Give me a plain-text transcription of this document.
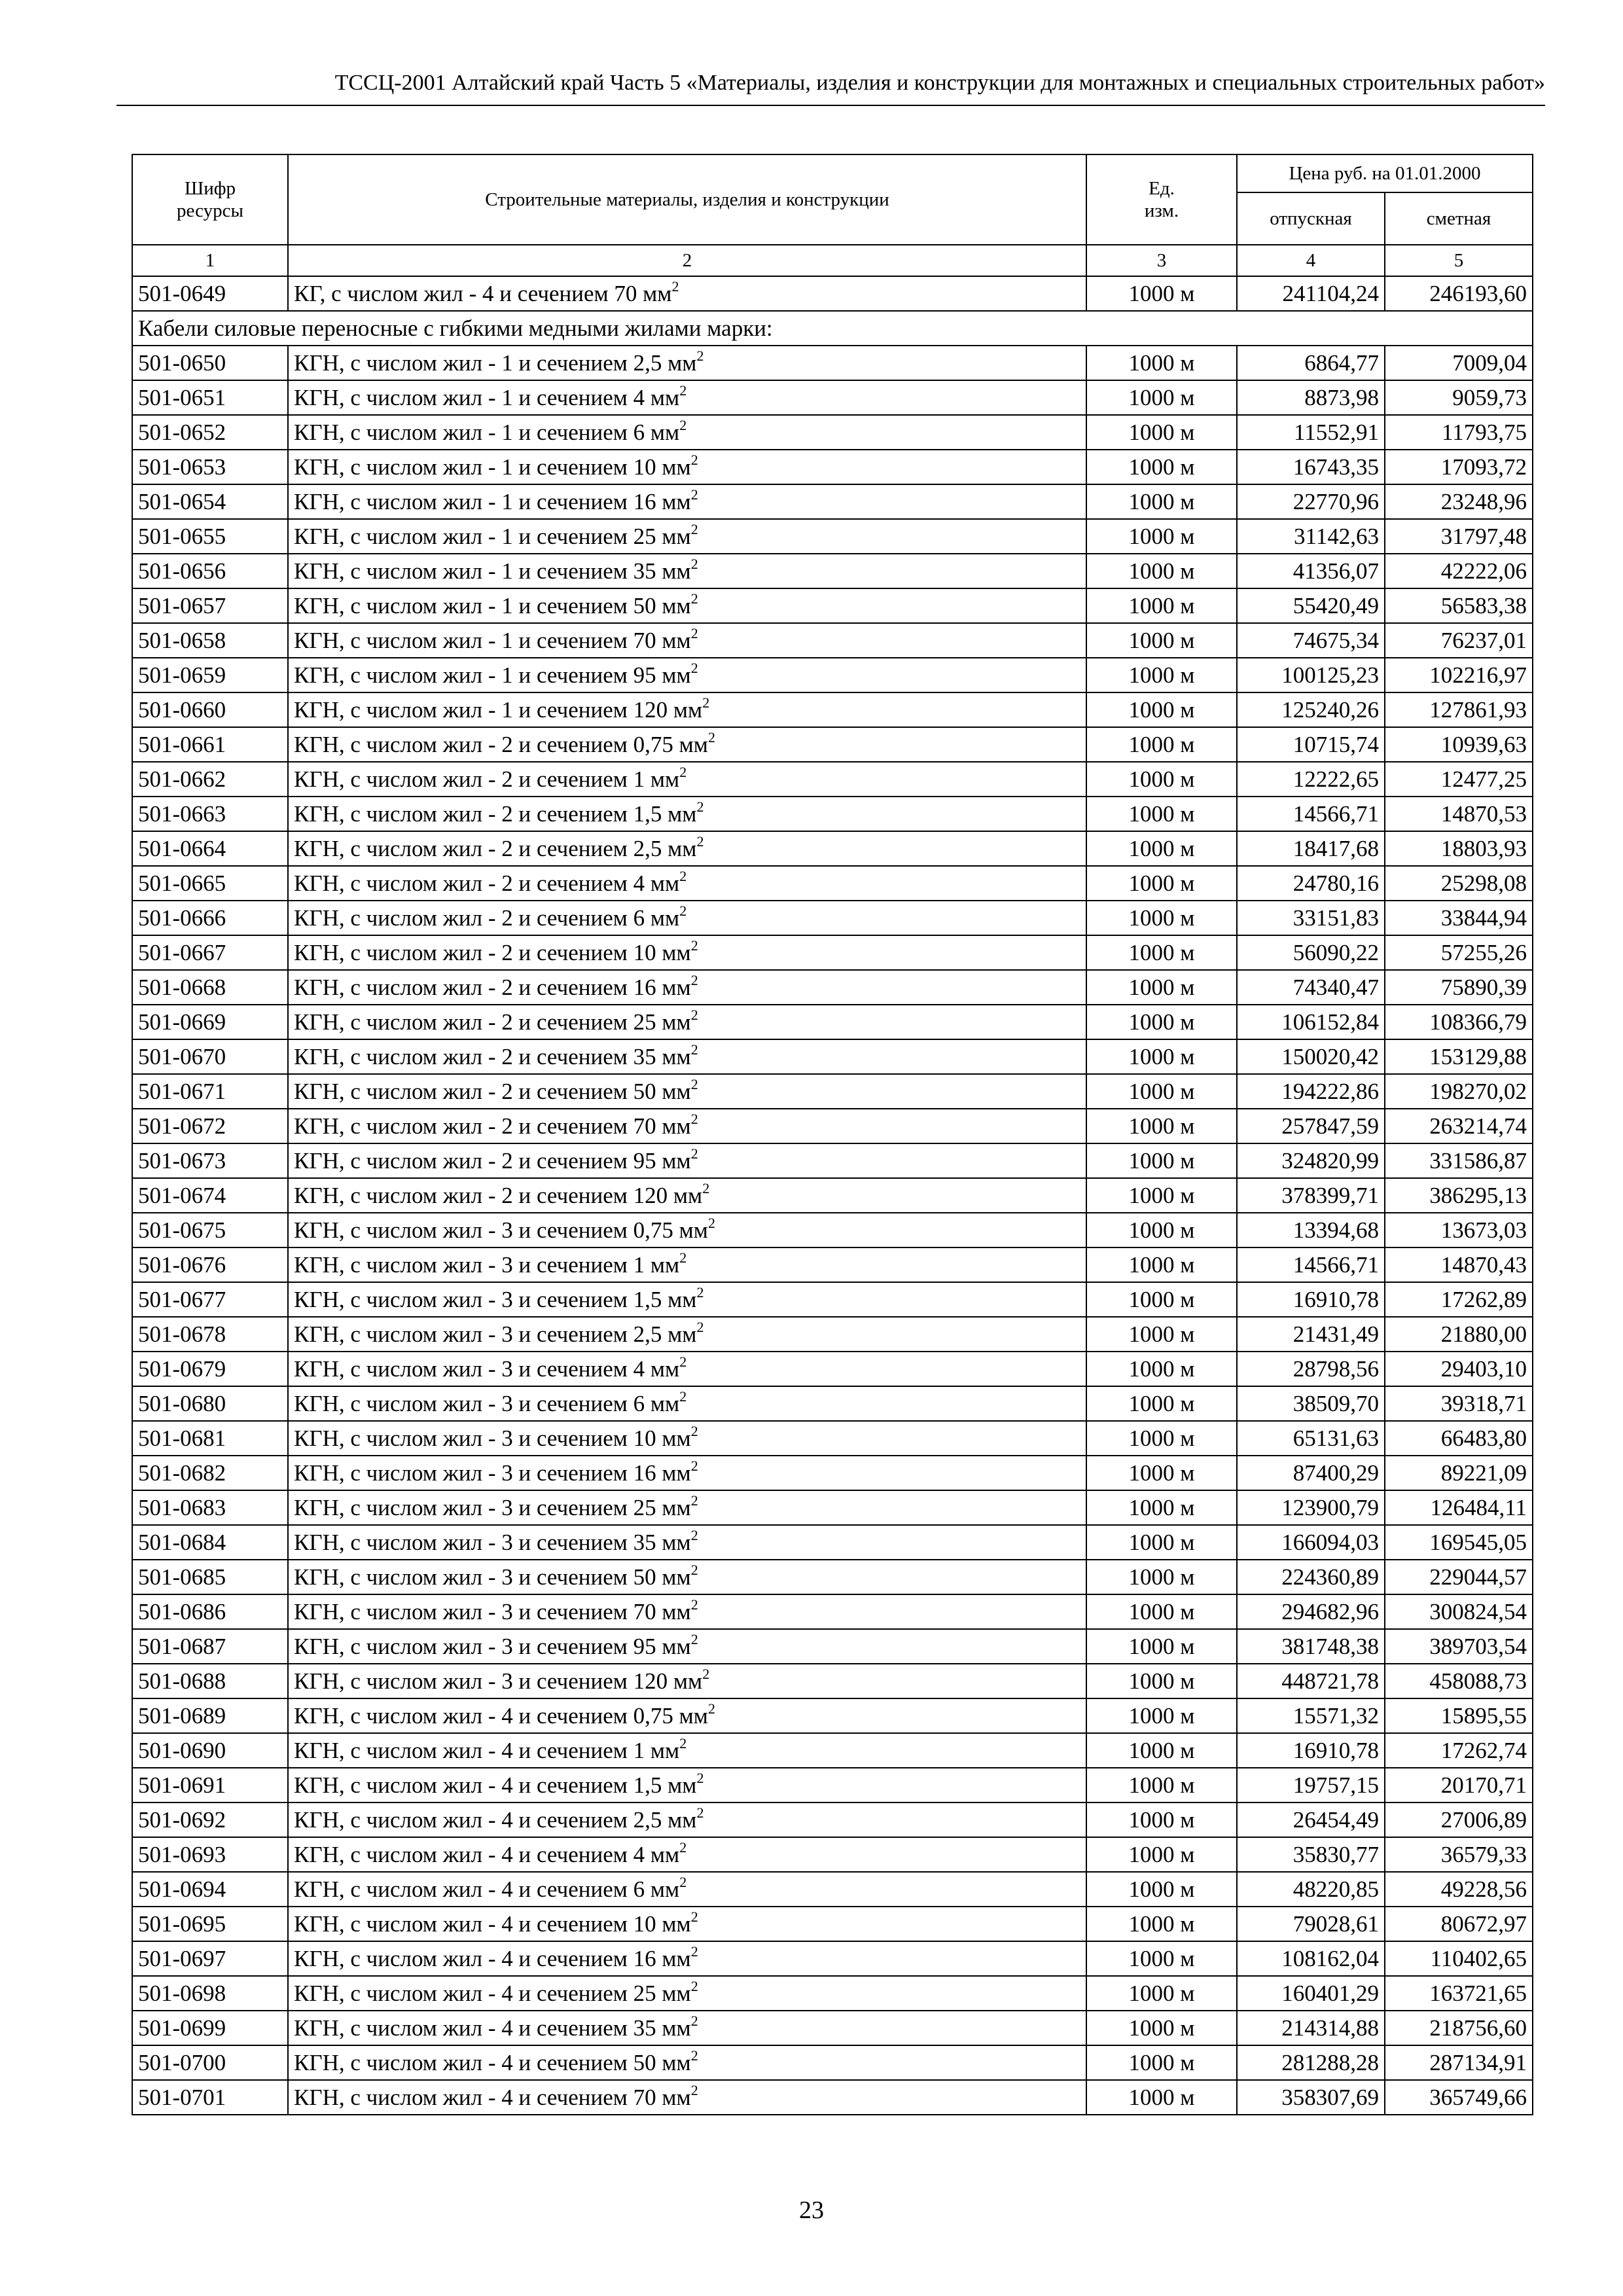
ТССЦ-2001 Алтайский край Часть 5 «Материалы, изделия и конструкции для монтажных и специальных строительных работ»
Шифр ресурсы	Строительные материалы, изделия и конструкции	Ед. изм.	Цена руб. на 01.01.2000	
			отпускная	сметная
1	2	3	4	5
501-0649	КГ, с числом жил - 4 и сечением 70 $мм^2$	1000 м	241104,24	246193,60
Кабели силовые переносные с гибкими медными жилами марки:				
501-0650	КГН, с числом жил - 1 и сечением 2,5 $мм^2$	1000 м	6864,77	7009,04
501-0651	КГН, с числом жил - 1 и сечением 4 $мм^2$	1000 м	8873,98	9059,73
501-0652	КГН, с числом жил - 1 и сечением 6 $мм^2$	1000 м	11552,91	11793,75
501-0653	КГН, с числом жил - 1 и сечением 10 $мм^2$	1000 м	16743,35	17093,72
501-0654	КГН, с числом жил - 1 и сечением 16 $мм^2$	1000 м	22770,96	23248,96
501-0655	КГН, с числом жил - 1 и сечением 25 $мм^2$	1000 м	31142,63	31797,48
501-0656	КГН, с числом жил - 1 и сечением 35 $мм^2$	1000 м	41356,07	42222,06
501-0657	КГН, с числом жил - 1 и сечением 50 $мм^2$	1000 м	55420,49	56583,38
501-0658	КГН, с числом жил - 1 и сечением 70 $мм^2$	1000 м	74675,34	76237,01
501-0659	КГН, с числом жил - 1 и сечением 95 $мм^2$	1000 м	100125,23	102216,97
501-0660	КГН, с числом жил - 1 и сечением 120 $мм^2$	1000 м	125240,26	127861,93
501-0661	КГН, с числом жил - 2 и сечением 0,75 $мм^2$	1000 м	10715,74	10939,63
501-0662	КГН, с числом жил - 2 и сечением 1 $мм^2$	1000 м	12222,65	12477,25
501-0663	КГН, с числом жил - 2 и сечением 1,5 $мм^2$	1000 м	14566,71	14870,53
501-0664	КГН, с числом жил - 2 и сечением 2,5 $мм^2$	1000 м	18417,68	18803,93
501-0665	КГН, с числом жил - 2 и сечением 4 $мм^2$	1000 м	24780,16	25298,08
501-0666	КГН, с числом жил - 2 и сечением 6 $мм^2$	1000 м	33151,83	33844,94
501-0667	КГН, с числом жил - 2 и сечением 10 $мм^2$	1000 м	56090,22	57255,26
501-0668	КГН, с числом жил - 2 и сечением 16 $мм^2$	1000 м	74340,47	75890,39
501-0669	КГН, с числом жил - 2 и сечением 25 $мм^2$	1000 м	106152,84	108366,79
501-0670	КГН, с числом жил - 2 и сечением 35 $мм^2$	1000 м	150020,42	153129,88
501-0671	КГН, с числом жил - 2 и сечением 50 $мм^2$	1000 м	194222,86	198270,02
501-0672	КГН, с числом жил - 2 и сечением 70 $мм^2$	1000 м	257847,59	263214,74
501-0673	КГН, с числом жил - 2 и сечением 95 $мм^2$	1000 м	324820,99	331586,87
501-0674	КГН, с числом жил - 2 и сечением 120 $мм^2$	1000 м	378399,71	386295,13
501-0675	КГН, с числом жил - 3 и сечением 0,75 $мм^2$	1000 м	13394,68	13673,03
501-0676	КГН, с числом жил - 3 и сечением 1 $мм^2$	1000 м	14566,71	14870,43
501-0677	КГН, с числом жил - 3 и сечением 1,5 $мм^2$	1000 м	16910,78	17262,89
501-0678	КГН, с числом жил - 3 и сечением 2,5 $мм^2$	1000 м	21431,49	21880,00
501-0679	КГН, с числом жил - 3 и сечением 4 $мм^2$	1000 м	28798,56	29403,10
501-0680	КГН, с числом жил - 3 и сечением 6 $мм^2$	1000 м	38509,70	39318,71
501-0681	КГН, с числом жил - 3 и сечением 10 $мм^2$	1000 м	65131,63	66483,80
501-0682	КГН, с числом жил - 3 и сечением 16 $мм^2$	1000 м	87400,29	89221,09
501-0683	КГН, с числом жил - 3 и сечением 25 $мм^2$	1000 м	123900,79	126484,11
501-0684	КГН, с числом жил - 3 и сечением 35 $мм^2$	1000 м	166094,03	169545,05
501-0685	КГН, с числом жил - 3 и сечением 50 $мм^2$	1000 м	224360,89	229044,57
501-0686	КГН, с числом жил - 3 и сечением 70 $мм^2$	1000 м	294682,96	300824,54
501-0687	КГН, с числом жил - 3 и сечением 95 $мм^2$	1000 м	381748,38	389703,54
501-0688	КГН, с числом жил - 3 и сечением 120 $мм^2$	1000 м	448721,78	458088,73
501-0689	КГН, с числом жил - 4 и сечением 0,75 $мм^2$	1000 м	15571,32	15895,55
501-0690	КГН, с числом жил - 4 и сечением 1 $мм^2$	1000 м	16910,78	17262,74
501-0691	КГН, с числом жил - 4 и сечением 1,5 $мм^2$	1000 м	19757,15	20170,71
501-0692	КГН, с числом жил - 4 и сечением 2,5 $мм^2$	1000 м	26454,49	27006,89
501-0693	КГН, с числом жил - 4 и сечением 4 $мм^2$	1000 м	35830,77	36579,33
501-0694	КГН, с числом жил - 4 и сечением 6 $мм^2$	1000 м	48220,85	49228,56
501-0695	КГН, с числом жил - 4 и сечением 10 $мм^2$	1000 м	79028,61	80672,97
501-0697	КГН, с числом жил - 4 и сечением 16 $мм^2$	1000 м	108162,04	110402,65
501-0698	КГН, с числом жил - 4 и сечением 25 $мм^2$	1000 м	160401,29	163721,65
501-0699	КГН, с числом жил - 4 и сечением 35 $мм^2$	1000 м	214314,88	218756,60
501-0700	КГН, с числом жил - 4 и сечением 50 $мм^2$	1000 м	281288,28	287134,91
501-0701	КГН, с числом жил - 4 и сечением 70 $мм^2$	1000 м	358307,69	365749,66
23
